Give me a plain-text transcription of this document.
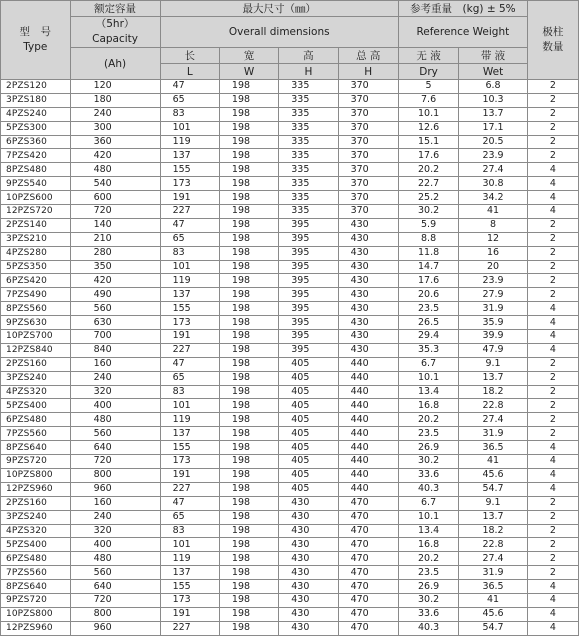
型　号
Type	额定容量	最大尺寸（㎜）				参考重量　(kg) ± 5%		极柱
数量

	（5hr）
Capacity	Overall dimensions				Reference Weight		
	(Ah)	长	宽	高	总 高	无 液	带 液	
		L	W	H	H	Dry	Wet	
2PZS120	120	47	198	335	370	5	6.8	2
3PZS180	180	65	198	335	370	7.6	10.3	2
4PZS240	240	83	198	335	370	10.1	13.7	2
5PZS300	300	101	198	335	370	12.6	17.1	2
6PZS360	360	119	198	335	370	15.1	20.5	2
7PZS420	420	137	198	335	370	17.6	23.9	2
8PZS480	480	155	198	335	370	20.2	27.4	4
9PZS540	540	173	198	335	370	22.7	30.8	4
10PZS600	600	191	198	335	370	25.2	34.2	4
12PZS720	720	227	198	335	370	30.2	41	4
2PZS140	140	47	198	395	430	5.9	8	2
3PZS210	210	65	198	395	430	8.8	12	2
4PZS280	280	83	198	395	430	11.8	16	2
5PZS350	350	101	198	395	430	14.7	20	2
6PZS420	420	119	198	395	430	17.6	23.9	2
7PZS490	490	137	198	395	430	20.6	27.9	2
8PZS560	560	155	198	395	430	23.5	31.9	4
9PZS630	630	173	198	395	430	26.5	35.9	4
10PZS700	700	191	198	395	430	29.4	39.9	4
12PZS840	840	227	198	395	430	35.3	47.9	4
2PZS160	160	47	198	405	440	6.7	9.1	2
3PZS240	240	65	198	405	440	10.1	13.7	2
4PZS320	320	83	198	405	440	13.4	18.2	2
5PZS400	400	101	198	405	440	16.8	22.8	2
6PZS480	480	119	198	405	440	20.2	27.4	2
7PZS560	560	137	198	405	440	23.5	31.9	2
8PZS640	640	155	198	405	440	26.9	36.5	4
9PZS720	720	173	198	405	440	30.2	41	4
10PZS800	800	191	198	405	440	33.6	45.6	4
12PZS960	960	227	198	405	440	40.3	54.7	4
2PZS160	160	47	198	430	470	6.7	9.1	2
3PZS240	240	65	198	430	470	10.1	13.7	2
4PZS320	320	83	198	430	470	13.4	18.2	2
5PZS400	400	101	198	430	470	16.8	22.8	2
6PZS480	480	119	198	430	470	20.2	27.4	2
7PZS560	560	137	198	430	470	23.5	31.9	2
8PZS640	640	155	198	430	470	26.9	36.5	4
9PZS720	720	173	198	430	470	30.2	41	4
10PZS800	800	191	198	430	470	33.6	45.6	4
12PZS960	960	227	198	430	470	40.3	54.7	4
